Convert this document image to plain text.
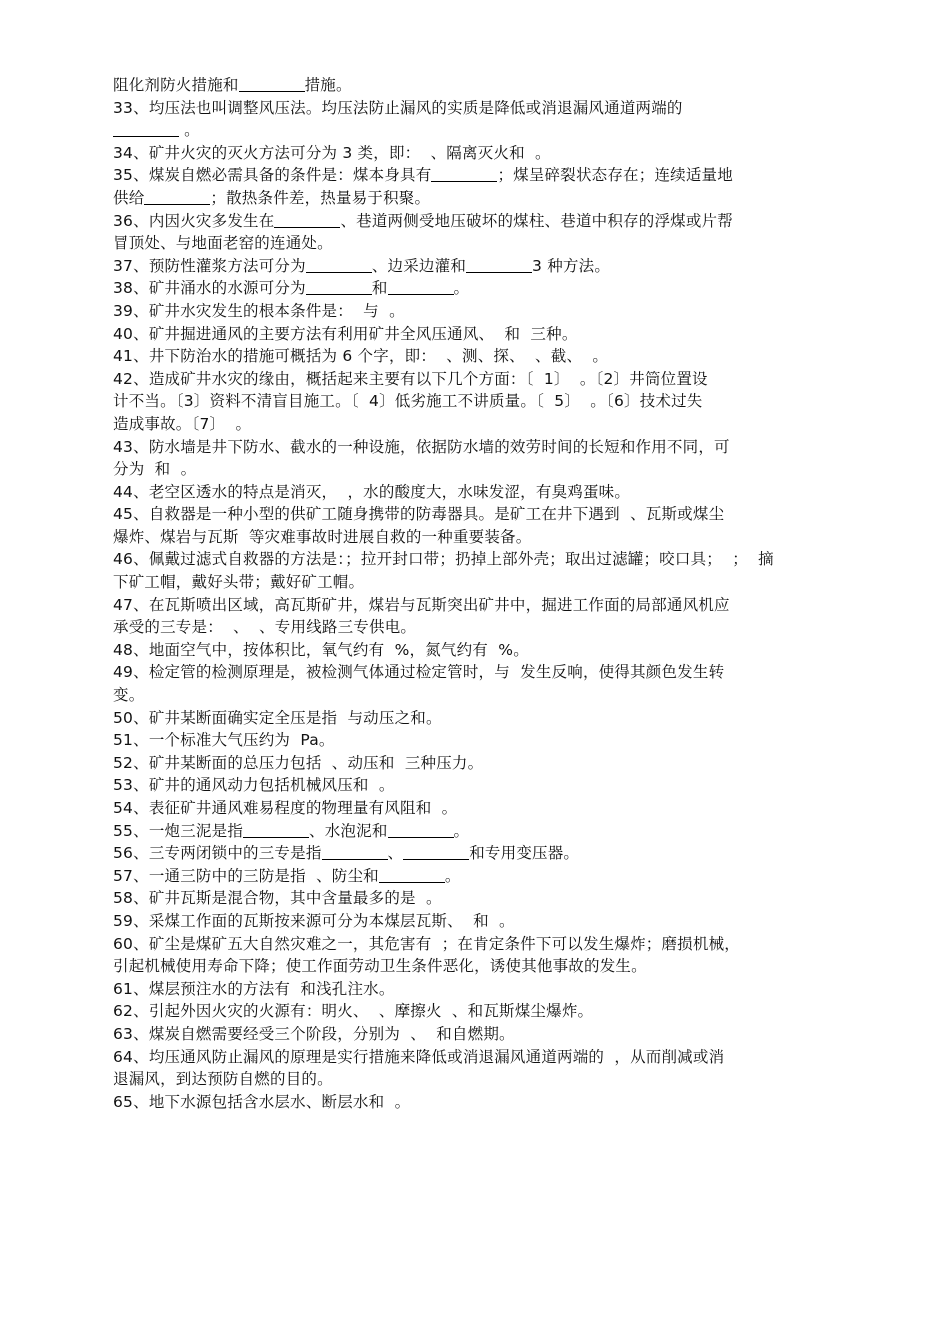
阻化剂防火措施和	措施。
33、均压法也叫调整风压法。均压法防止漏风的实质是降低或消退漏风通道两端的
。
34、矿井火灾的灭火方法可分为 3 类，即：  、隔离灭火和  。
35、煤炭自燃必需具备的条件是：煤本身具有	；煤呈碎裂状态存在；连续适量地
供给	；散热条件差，热量易于积聚。
36、内因火灾多发生在	、巷道两侧受地压破坏的煤柱、巷道中积存的浮煤或片帮
冒顶处、与地面老窑的连通处。
37、预防性灌浆方法可分为	、边采边灌和	3 种方法。
38、矿井涌水的水源可分为	和	。
39、矿井水灾发生的根本条件是：  与  。
40、矿井掘进通风的主要方法有利用矿井全风压通风、  和  三种。
41、井下防治水的措施可概括为 6 个字，即：  、测、探、  、截、  。
42、造成矿井水灾的缘由，概括起来主要有以下几个方面：〔  1〕  。〔2〕井筒位置设
计不当。〔3〕资料不清盲目施工。〔  4〕低劣施工不讲质量。〔  5〕  。〔6〕技术过失
造成事故。〔7〕  。
43、防水墙是井下防水、截水的一种设施，依据防水墙的效劳时间的长短和作用不同，可
分为  和  。
44、老空区透水的特点是消灭，  ，水的酸度大，水味发涩，有臭鸡蛋味。
45、自救器是一种小型的供矿工随身携带的防毒器具。是矿工在井下遇到  、瓦斯或煤尘
爆炸、煤岩与瓦斯  等灾难事故时进展自救的一种重要装备。
46、佩戴过滤式自救器的方法是：；拉开封口带；扔掉上部外壳；取出过滤罐；咬口具；  ；  摘
下矿工帽，戴好头带；戴好矿工帽。
47、在瓦斯喷出区域，高瓦斯矿井，煤岩与瓦斯突出矿井中，掘进工作面的局部通风机应
承受的三专是：  、  、专用线路三专供电。
48、地面空气中，按体积比，氧气约有  %，氮气约有  %。
49、检定管的检测原理是，被检测气体通过检定管时，与  发生反响，使得其颜色发生转
变。
50、矿井某断面确实定全压是指  与动压之和。
51、一个标准大气压约为  Pa。
52、矿井某断面的总压力包括  、动压和  三种压力。
53、矿井的通风动力包括机械风压和  。
54、表征矿井通风难易程度的物理量有风阻和  。
55、一炮三泥是指	、水泡泥和	。
56、三专两闭锁中的三专是指	、	和专用变压器。
57、一通三防中的三防是指  、防尘和	。
58、矿井瓦斯是混合物，其中含量最多的是  。
59、采煤工作面的瓦斯按来源可分为本煤层瓦斯、  和  。
60、矿尘是煤矿五大自然灾难之一，其危害有  ；在肯定条件下可以发生爆炸；磨损机械，
引起机械使用寿命下降；使工作面劳动卫生条件恶化，诱使其他事故的发生。
61、煤层预注水的方法有  和浅孔注水。
62、引起外因火灾的火源有：明火、  、摩擦火  、和瓦斯煤尘爆炸。
63、煤炭自燃需要经受三个阶段，分别为  、  和自燃期。
64、均压通风防止漏风的原理是实行措施来降低或消退漏风通道两端的  ，从而削减或消
退漏风，到达预防自燃的目的。
65、地下水源包括含水层水、断层水和  。
